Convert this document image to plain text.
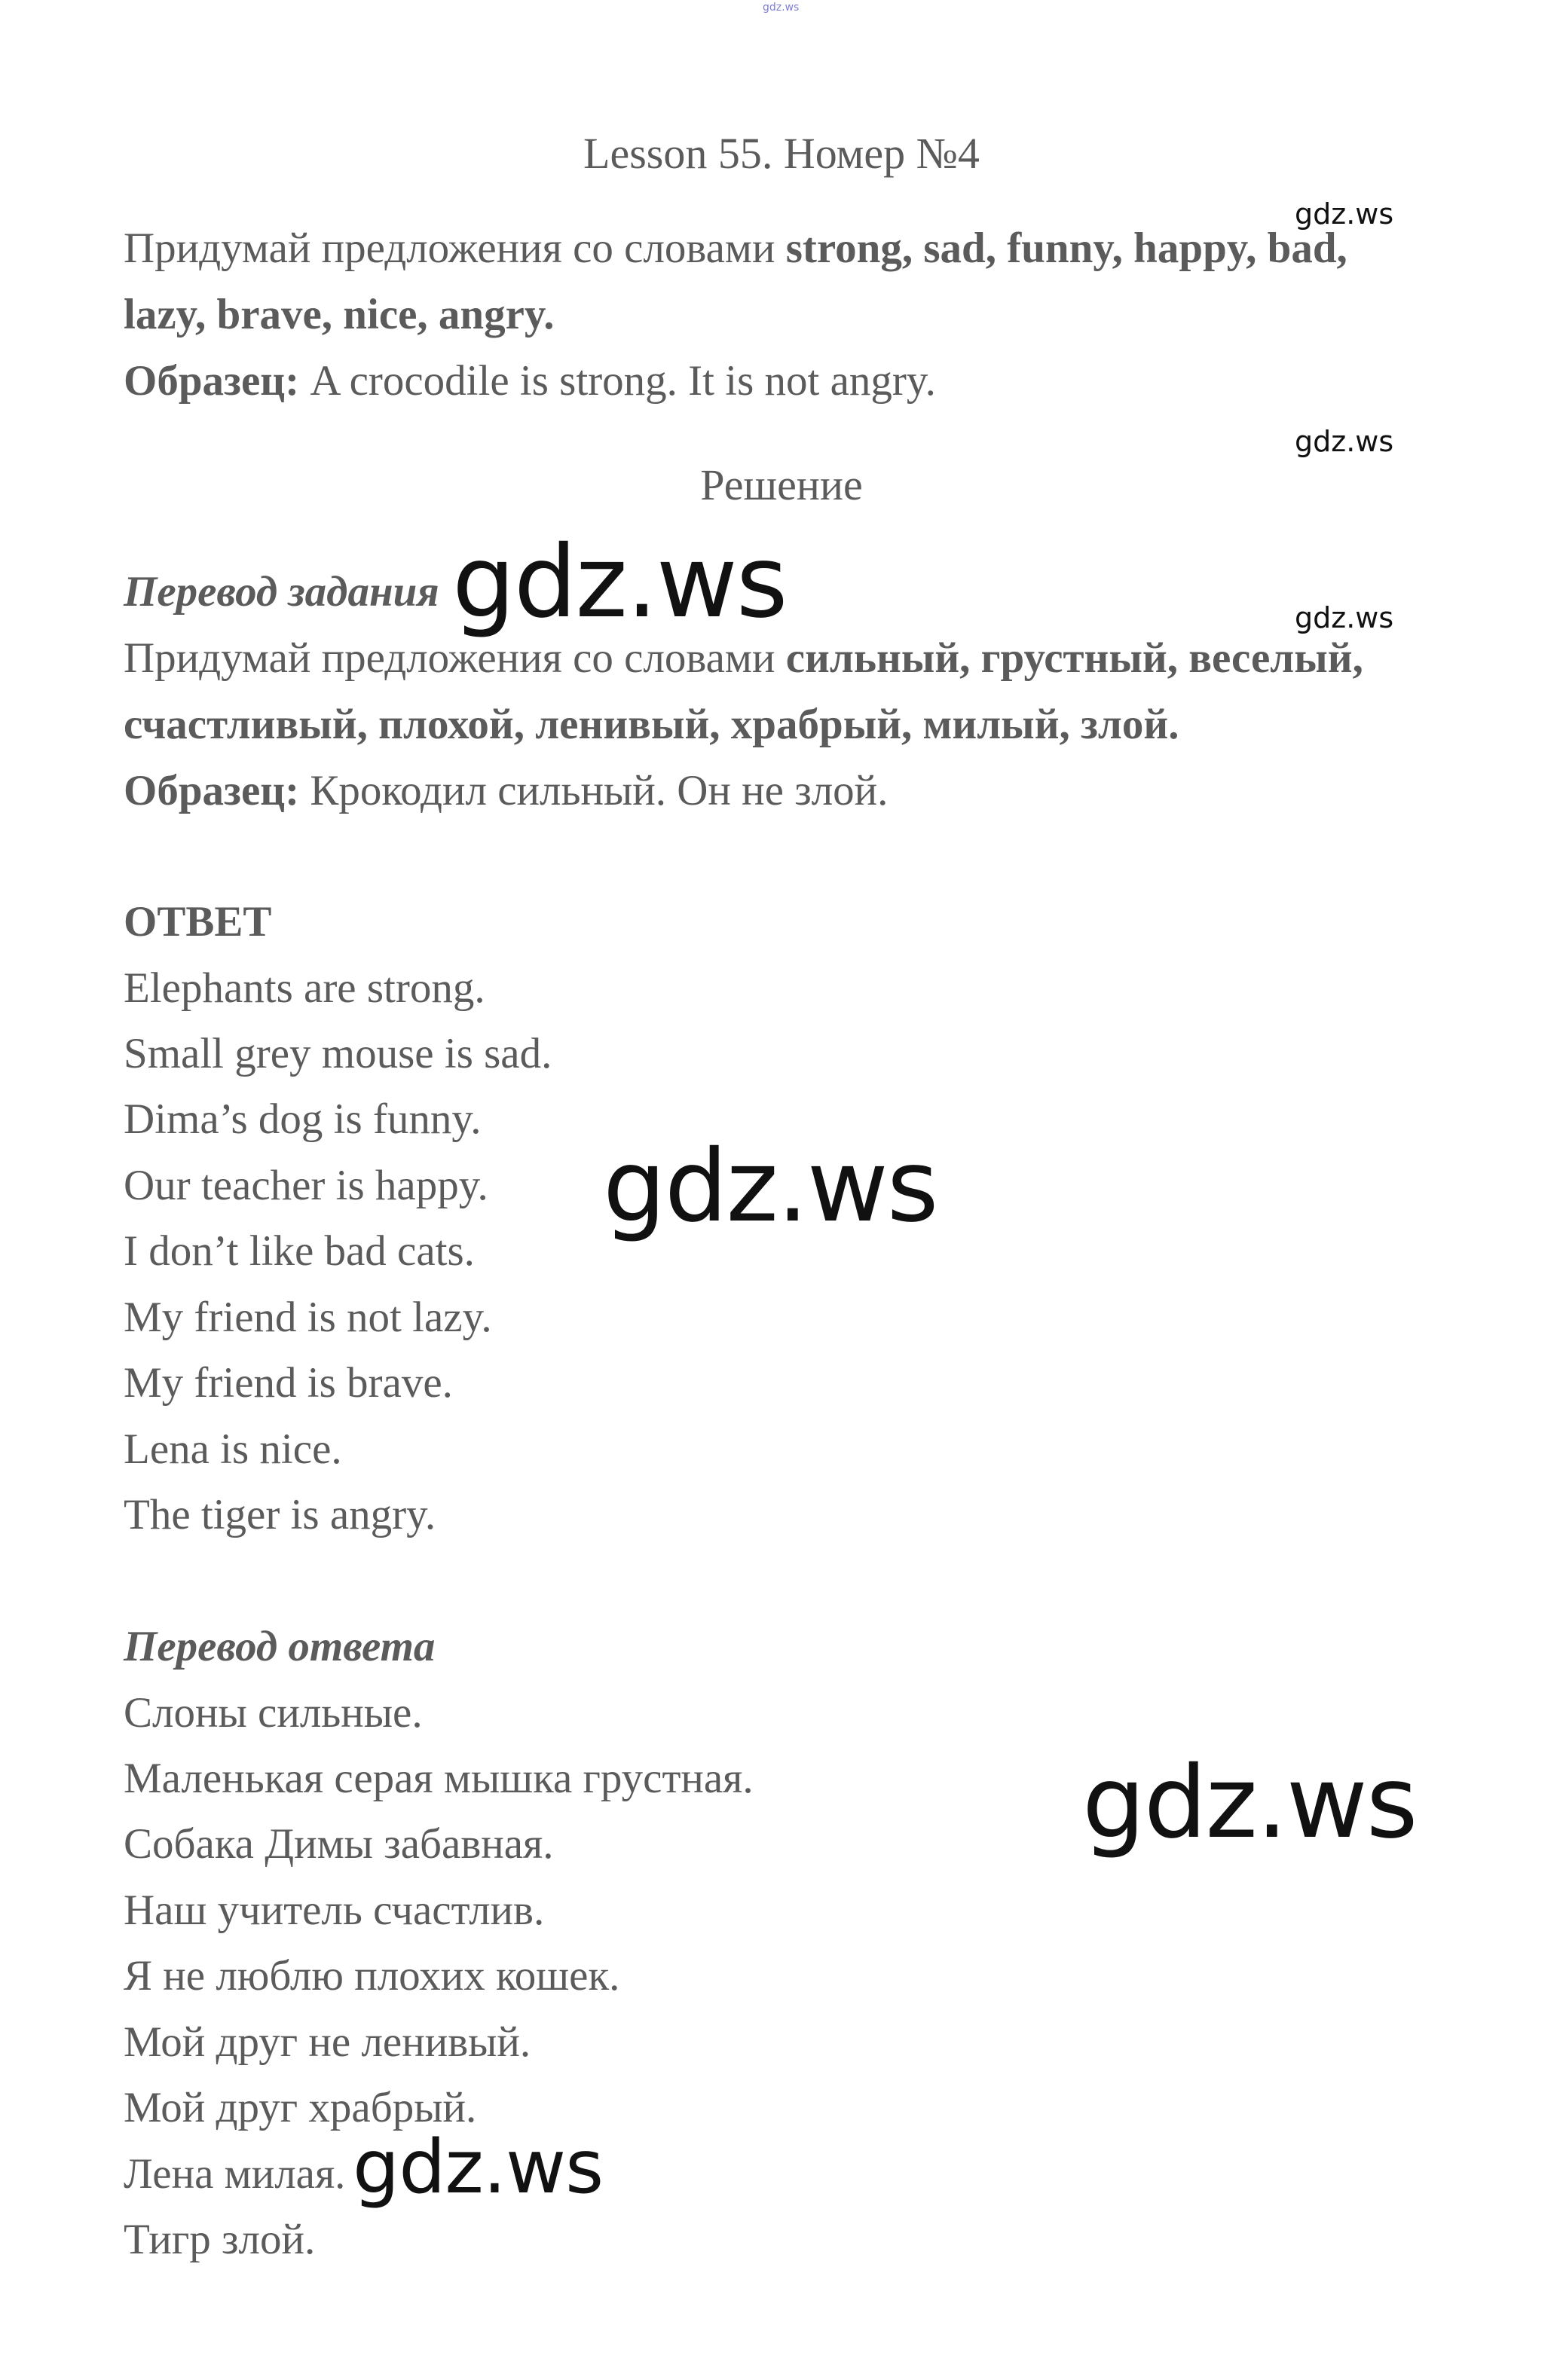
gdz.ws
Lesson 55. Номер №4
gdz.ws
Придумай предложения со словами strong, sad, funny, happy, bad,
lazy, brave, nice, angry.
Образец: A crocodile is strong. It is not angry.
gdz.ws
Решение
Перевод задания gdz.ws	gdz.ws
Придумай предложения со словами сильный, грустный, веселый,
счастливый, плохой, ленивый, храбрый, милый, злой.
Образец: Крокодил сильный. Он не злой.
ОТВЕТ
Elephants are strong.
Small grey mouse is sad.
Dima’s dog is funny.
Our teacher is happy.
I don’t like bad cats.
My friend is not lazy.
My friend is brave.
Lena is nice.
The tiger is angry.
gdz.ws
Перевод ответа
Слоны сильные.
Маленькая серая мышка грустная.
Собака Димы забавная.
Наш учитель счастлив.
Я не люблю плохих кошек.
Мой друг не ленивый.
Мой друг храбрый.
Лена милая.
Тигр злой.
gdz.ws
gdz.ws
